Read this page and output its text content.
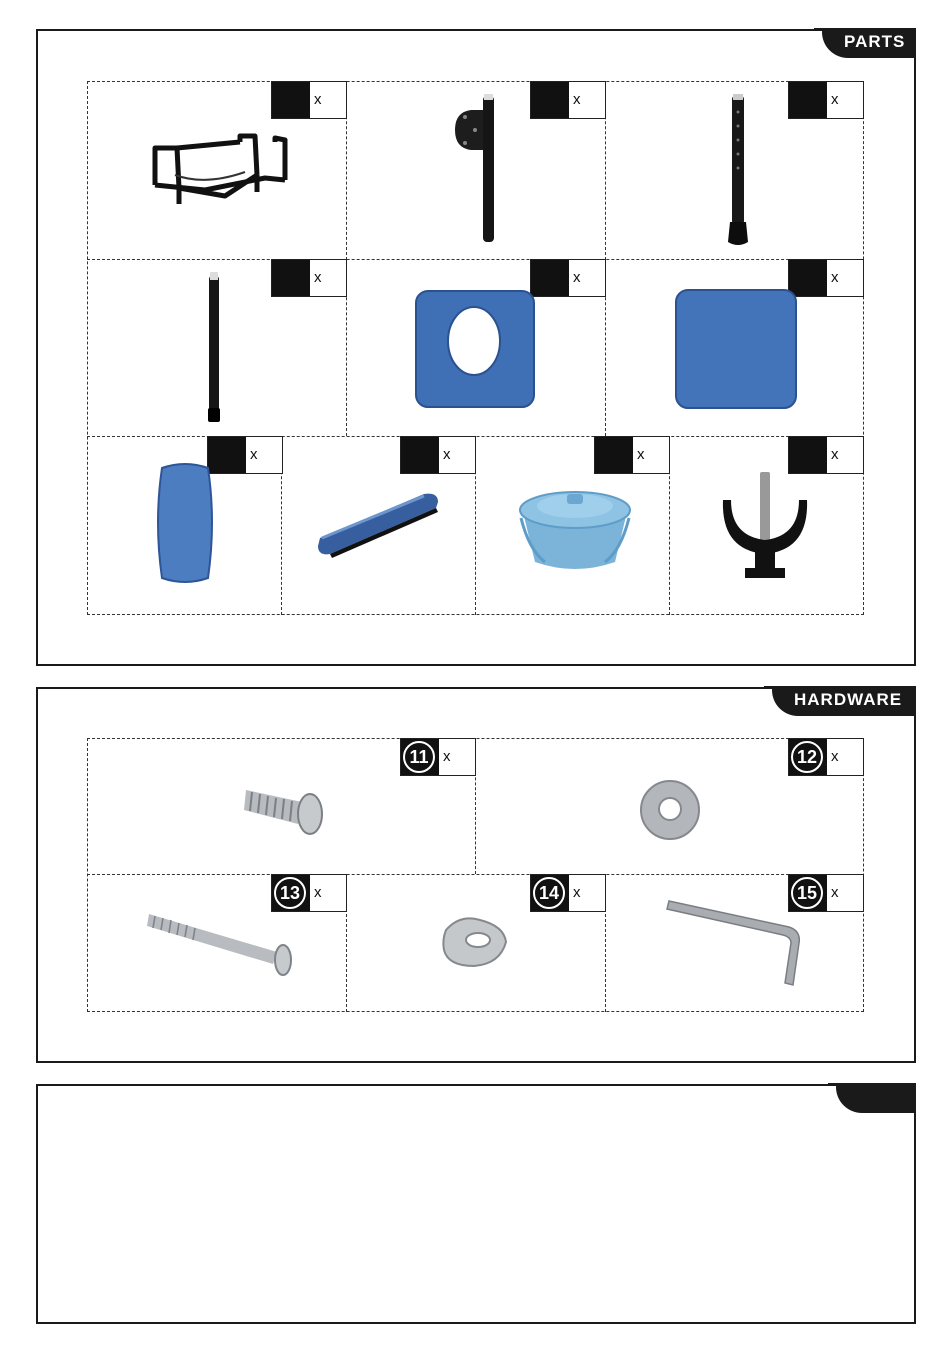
PARTS
x	x	x
x	x	x
x	x	x	x
HARDWARE
11 x	12 x
13 x	14 x	15 x
